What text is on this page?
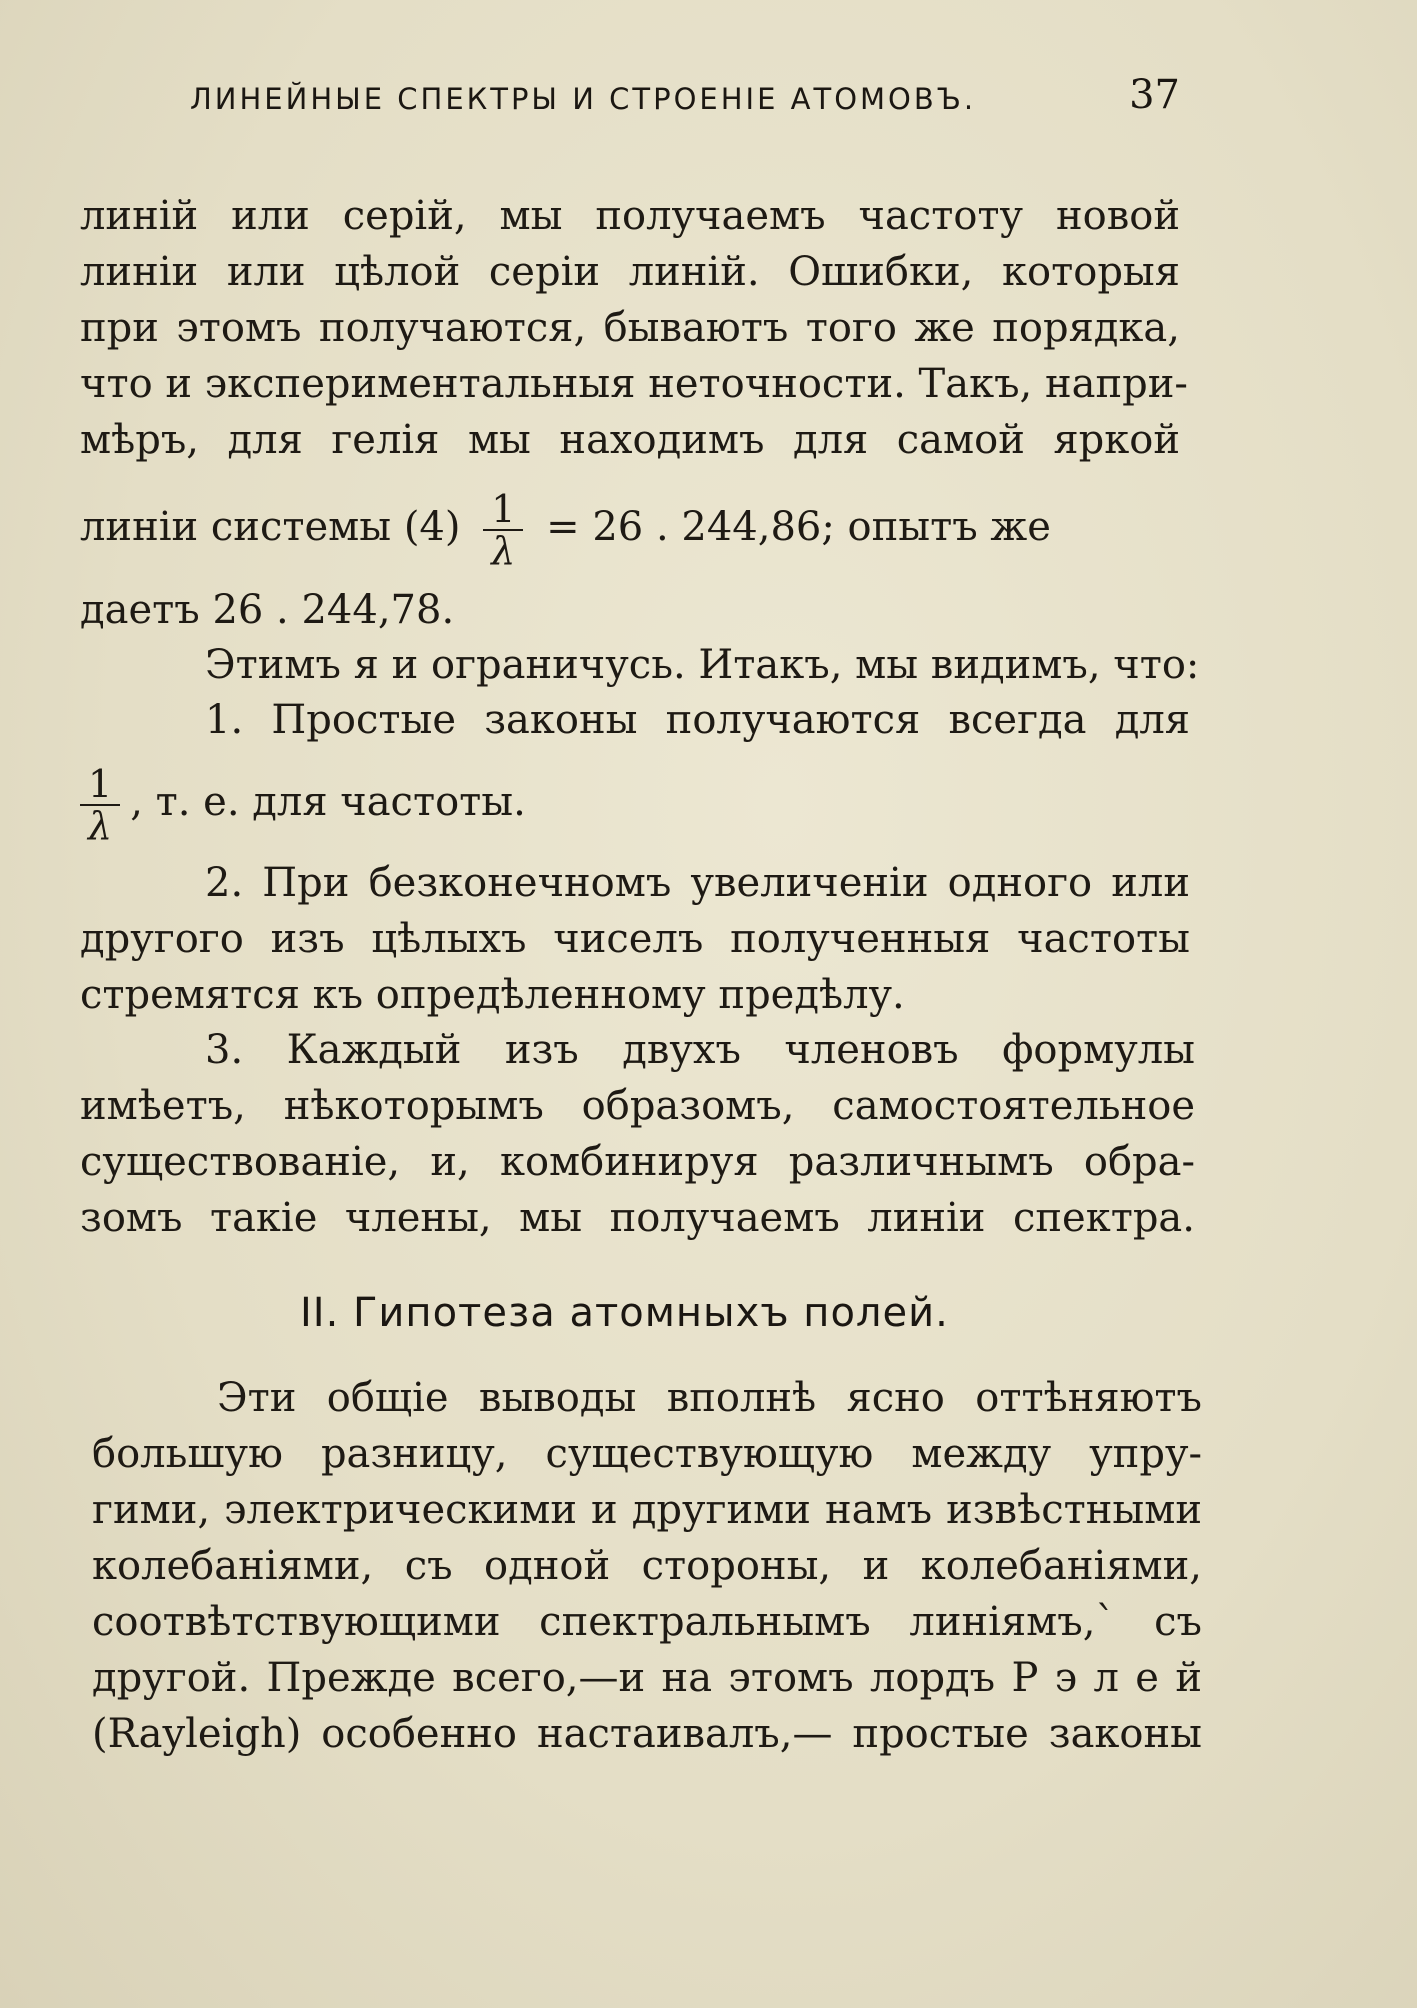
ЛИНЕЙНЫЕ СПЕКТРЫ И СТРОЕНІЕ АТОМОВЪ.	37
линій или серій, мы получаемъ частоту новой
линіи или цѣлой серіи линій. Ошибки, которыя
при этомъ получаются, бываютъ того же порядка,
что и экспериментальныя неточности. Такъ, напри-
мѣръ, для гелія мы находимъ для самой яркой
линіи системы $(4) \frac{1}{\lambda} = 26$ . 244,86; опытъ же
даетъ 26 . 244,78.
Этимъ я и ограничусь. Итакъ, мы видимъ, что:
1. Простые законы получаются всегда для
$\frac{1}{\lambda}$ , т. е. для частоты.
2. При безконечномъ увеличеніи одного или
другого изъ цѣлыхъ чиселъ полученныя частоты
стремятся къ опредѣленному предѣлу.
3. Каждый изъ двухъ членовъ формулы
имѣетъ, нѣкоторымъ образомъ, самостоятельное
существованіе, и, комбинируя различнымъ обра-
зомъ такіе члены, мы получаемъ линіи спектра.
II. Гипотеза атомныхъ полей.
Эти общіе выводы вполнѣ ясно оттѣняютъ
большую разницу, существующую между упру-
гими, электрическими и другими намъ извѣстными
колебаніями, съ одной стороны, и колебаніями,
соотвѣтствующими спектральнымъ линіямъ,` съ
другой. Прежде всего,—и на этомъ лордъ Р э л е й
(Rayleigh) особенно настаивалъ,— простые законы
